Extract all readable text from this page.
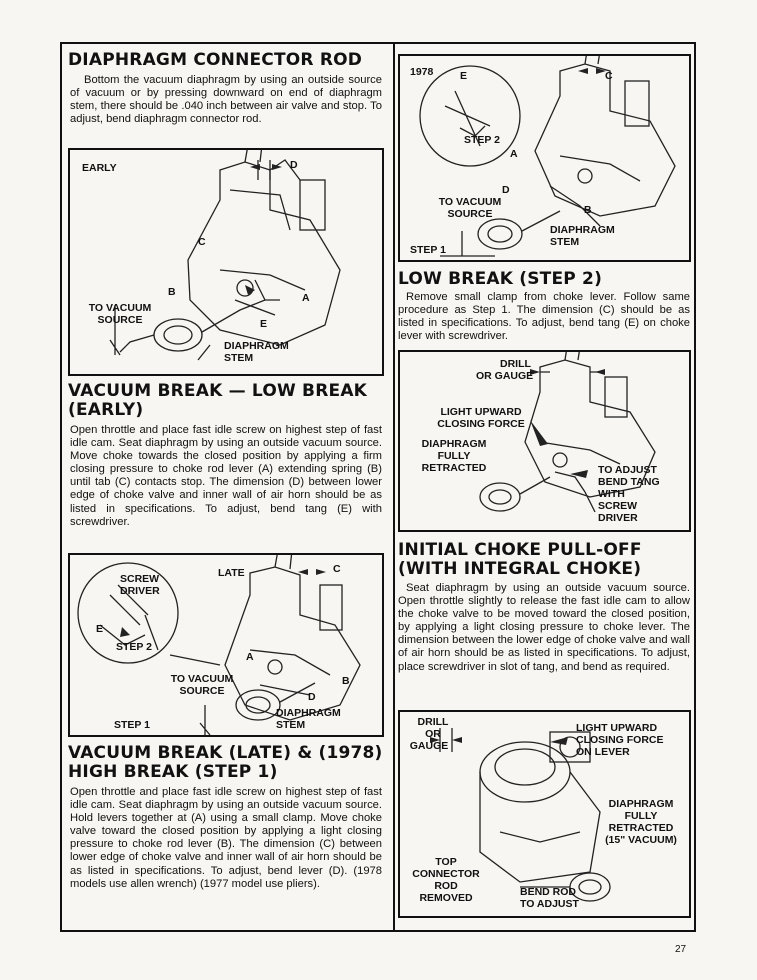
DIAPHRAGM CONNECTOR ROD

Bottom the vacuum diaphragm by using an outside source of vacuum or by pressing downward on end of diaphragm stem, there should be .040 inch between air valve and stop. To adjust, bend diaphragm connector rod.

EARLY	D
C
B	A
E
TO VACUUM
SOURCE
DIAPHRAGM
STEM
VACUUM BREAK — LOW BREAK
(EARLY)

Open throttle and place fast idle screw on highest step of fast idle cam. Seat diaphragm by using an outside vacuum source. Move choke towards the closed position by applying a firm closing pressure to choke rod lever (A) extending spring (B) until tab (C) contacts stop. The dimension (D) between lower edge of choke valve and inner wall of air horn should be as listed in specifications. To adjust, bend tang (E) with screwdriver.

SCREW
DRIVER
LATE	C
E
STEP 2
A
B
D
TO VACUUM
SOURCE
STEP 1
DIAPHRAGM
STEM
VACUUM BREAK (LATE) & (1978)
HIGH BREAK (STEP 1)

Open throttle and place fast idle screw on highest step of fast idle cam. Seat diaphragm by using an outside vacuum source. Hold levers together at (A) using a small clamp. Move choke valve toward the closed position by applying a light closing pressure to choke rod lever (B). The dimension (C) between lower edge of choke valve and inner wall of air horn should be as listed in specifications. To adjust, bend lever (D). (1978 models use allen wrench) (1977 model use pliers).

1978	E	C
STEP 2
A
D
TO VACUUM
SOURCE	B
DIAPHRAGM
STEM
STEP 1
LOW BREAK (STEP 2)

Remove small clamp from choke lever. Follow same procedure as Step 1. The dimension (C) should be as listed in specifications. To adjust, bend tang (E) on choke lever with screwdriver.

DRILL
OR GAUGE
LIGHT UPWARD
CLOSING FORCE
DIAPHRAGM
FULLY
RETRACTED	TO ADJUST
BEND TANG
WITH
SCREW
DRIVER
INITIAL CHOKE PULL-OFF
(WITH INTEGRAL CHOKE)

Seat diaphragm by using an outside vacuum source. Open throttle slightly to release the fast idle cam to allow the choke valve to be moved toward the closed position, by applying a light closing pressure to choke lever. The dimension between the lower edge of choke valve and wall of air horn should be as listed in specifications. To adjust, place screwdriver in slot of tang, and bend as required.

DRILL
OR
GAUGE
LIGHT UPWARD
CLOSING FORCE
ON LEVER
DIAPHRAGM
FULLY
RETRACTED
(15" VACUUM)
TOP
CONNECTOR
ROD
REMOVED	BEND ROD
TO ADJUST
27
